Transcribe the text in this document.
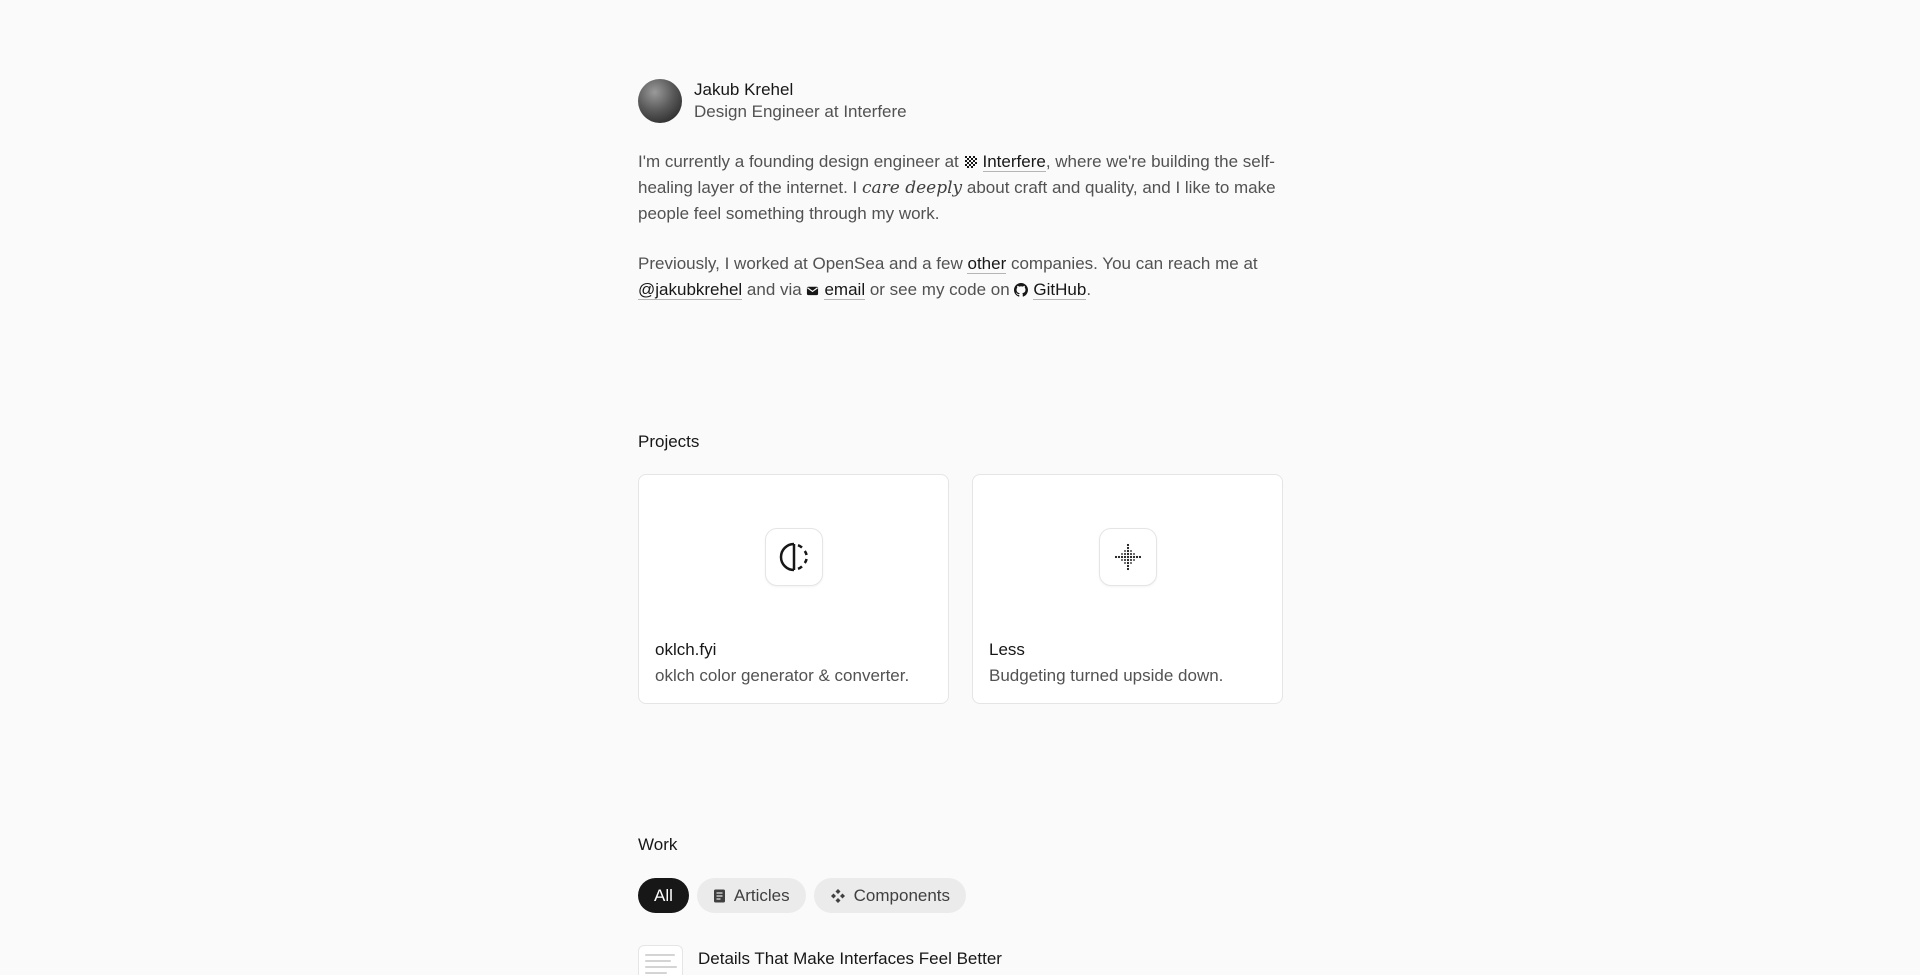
Jakub Krehel
Design Engineer at Interfere

I'm currently a founding design engineer at Interfere, where we're building the self-healing layer of the internet. I care deeply about craft and quality, and I like to make people feel something through my work.

Previously, I worked at OpenSea and a few other companies. You can reach me at @jakubkrehel and via email or see my code on GitHub.

Projects
oklch.fyi
oklch color generator & converter.
Less
Budgeting turned upside down.
Work
All	Articles	Components
Details That Make Interfaces Feel Better
